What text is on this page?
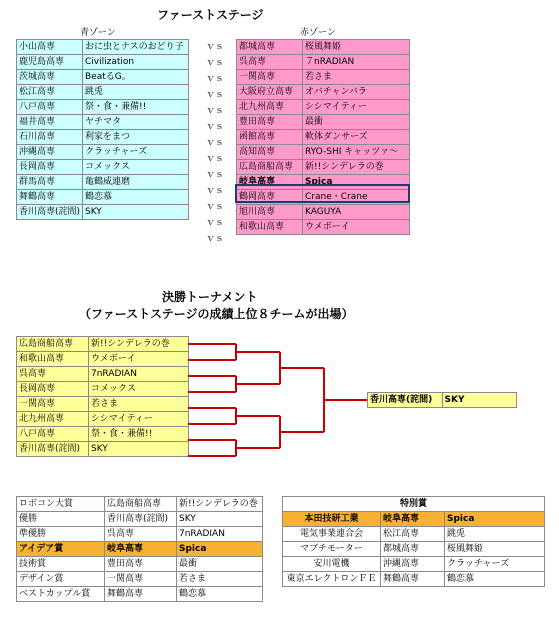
ファーストステージ
青ゾーン	赤ゾーン
小山高専	おに虫とナスのおどり子
鹿児島高専	Civilization
茨城高専	BeatるG。
松江高専	跳兎
八戸高専	祭・食・兼備!!
福井高専	ヤチマタ
石川高専	利家をまつ
沖縄高専	クラッチャーズ
長岡高専	コメックス
群馬高専	亀鶴威連磨
舞鶴高専	鶴恋慕
香川高専(詫間)	SKY
ｖｓ
ｖｓ
ｖｓ
ｖｓ
ｖｓ
ｖｓ
ｖｓ
ｖｓ
ｖｓ
ｖｓ
ｖｓ
ｖｓ
ｖｓ
都城高専	桜風舞姫
呉高専	７nRADIAN
一関高専	若さま
大阪府立高専	オバチャンバラ
北九州高専	シシマイティー
豊田高専	最衝
函館高専	軟体ダンサーズ
高知高専	RYO-SHI キャッツァ～
広島商船高専	新!!シンデレラの巻
岐阜高専	Spica
鶴岡高専	Crane・Crane
旭川高専	KAGUYA
和歌山高専	ウメボーイ
決勝トーナメント
（ファーストステージの成績上位８チームが出場）
広島商船高専	新!!シンデレラの巻
和歌山高専	ウメボーイ
呉高専	7nRADIAN
長岡高専	コメックス
一関高専	若さま
北九州高専	シシマイティー
八戸高専	祭・食・兼備!!
香川高専(詫間)	SKY
香川高専(詫間)	SKY
ロボコン大賞	広島商船高専	新!!シンデレラの巻
優勝	香川高専(詫間)	SKY
準優勝	呉高専	7nRADIAN
アイデア賞	岐阜高専	Spica
技術賞	豊田高専	最衝
デザイン賞	一関高専	若さま
ベストカップル賞	舞鶴高専	鶴恋慕
特別賞		
本田技研工業	岐阜高専	Spica
電気事業連合会	松江高専	跳兎
マブチモーター	都城高専	桜風舞姫
安川電機	沖縄高専	クラッチャーズ
東京エレクトロンＦＥ	舞鶴高専	鶴恋慕
